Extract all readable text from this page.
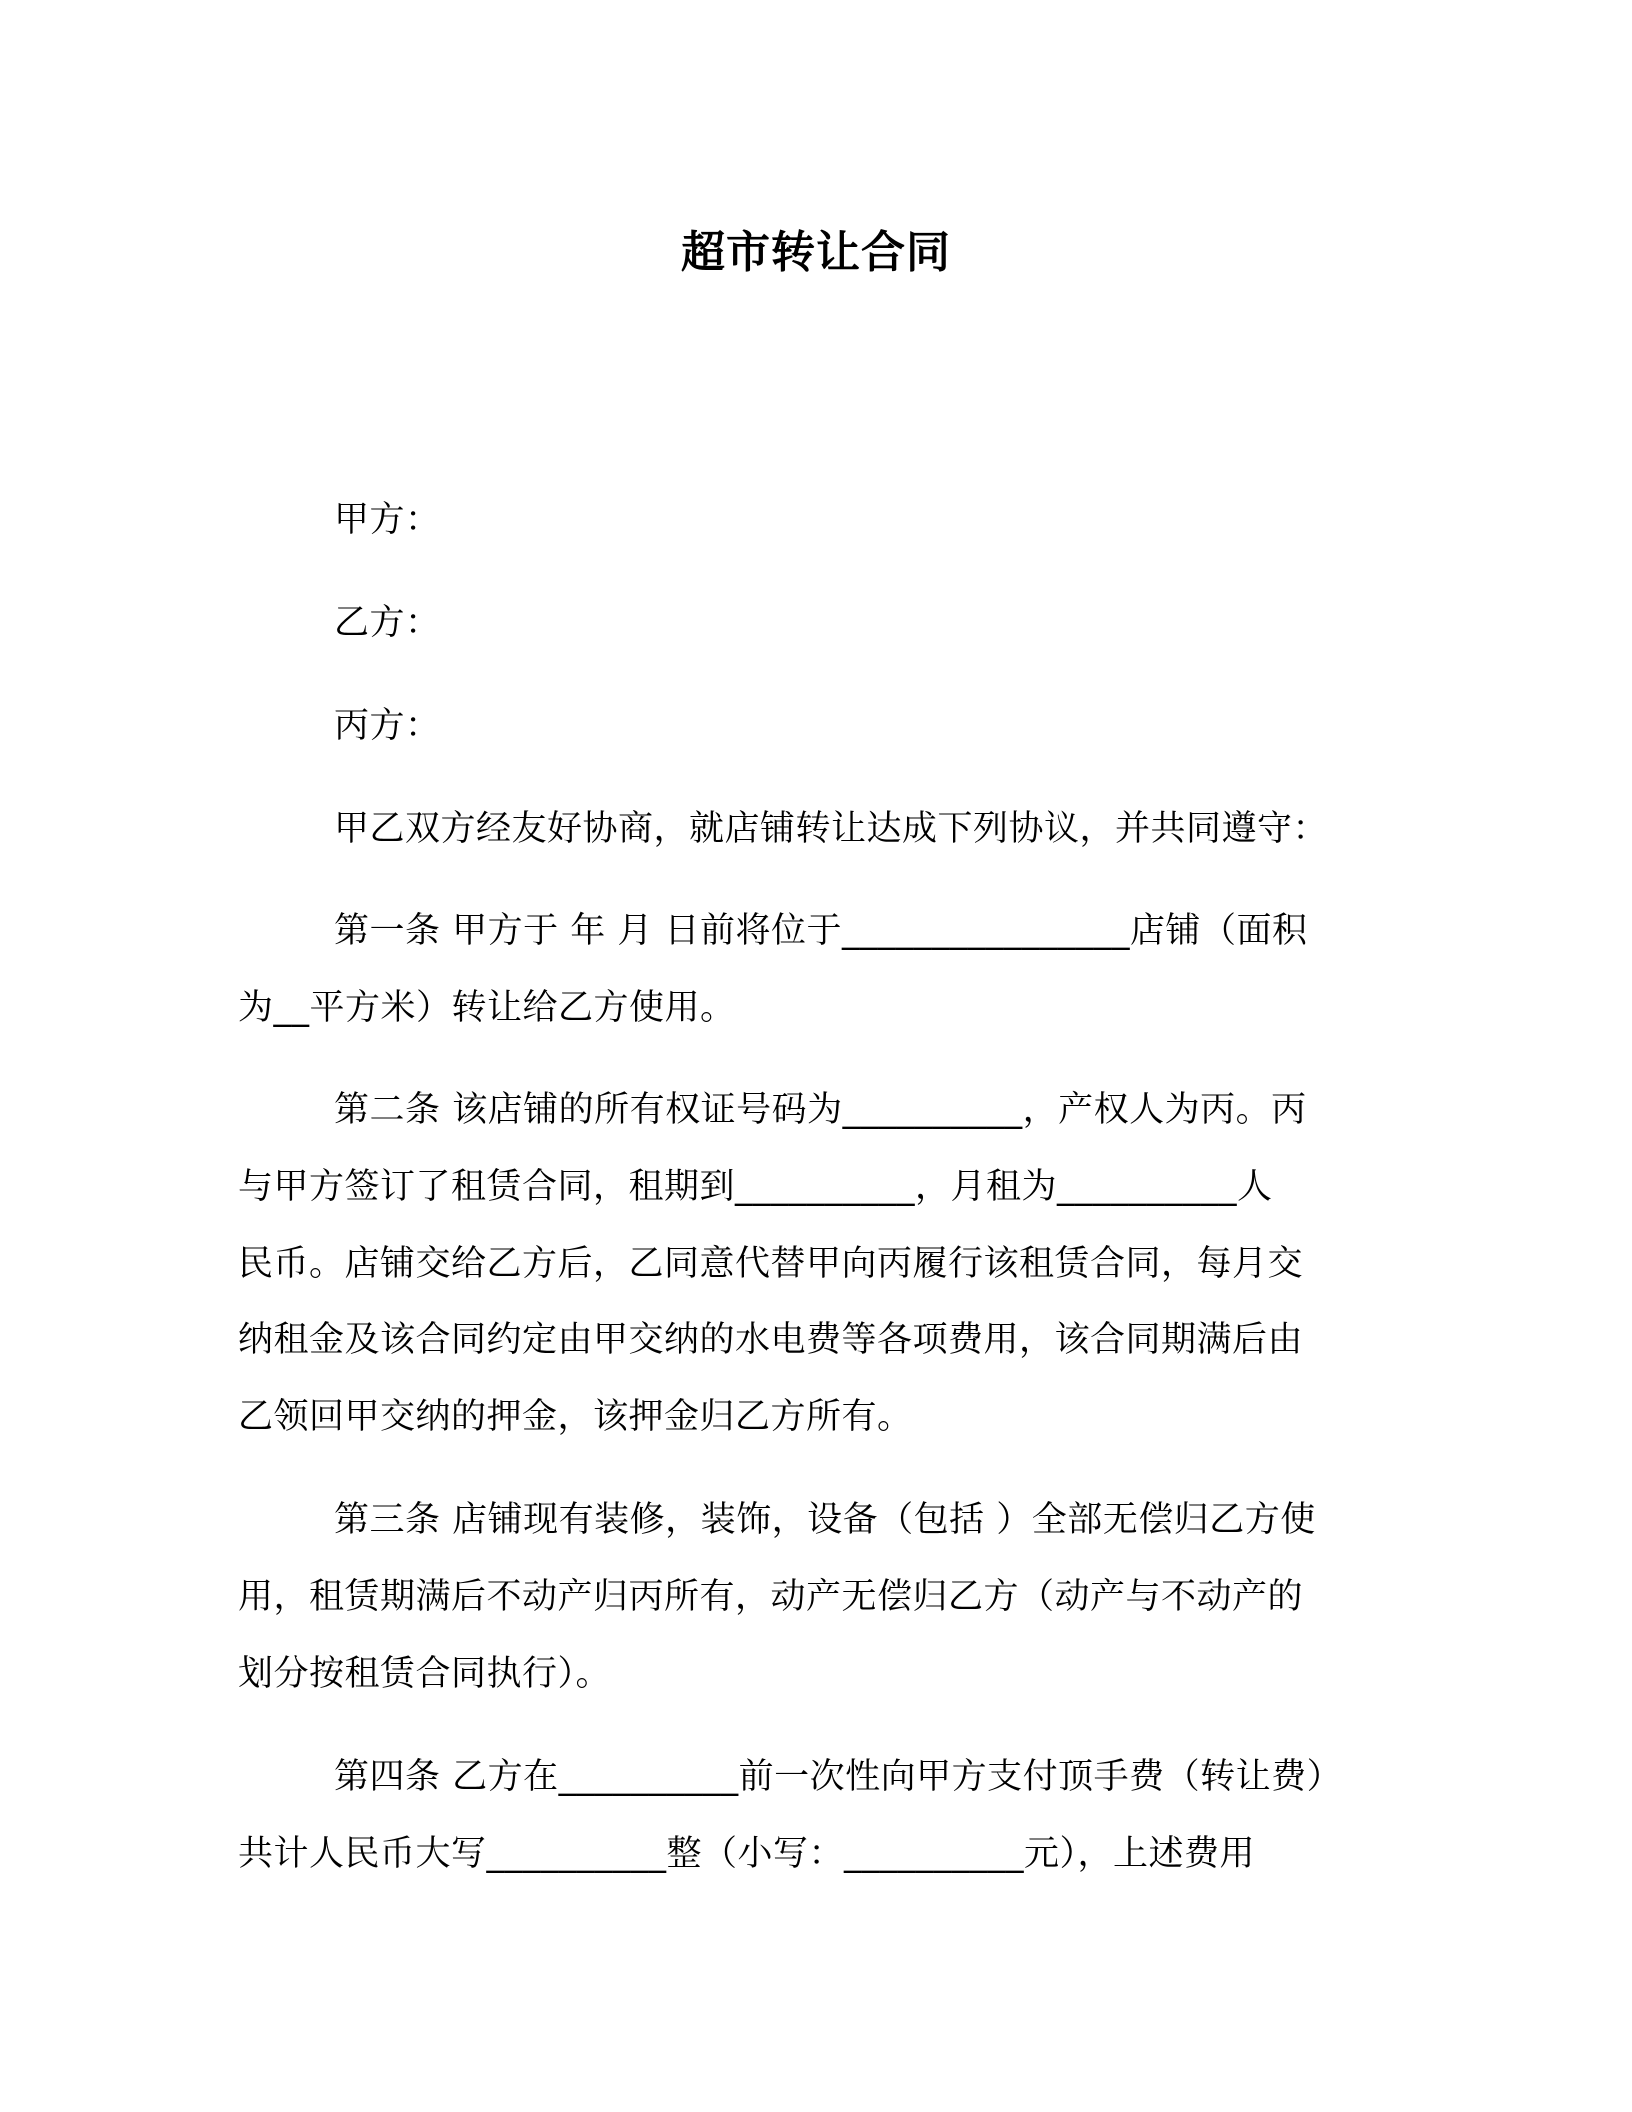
超市转让合同

甲方：

乙方：

丙方：

甲乙双方经友好协商，就店铺转让达成下列协议，并共同遵守：

第一条 甲方于 年 月 日前将位于________________店铺（面积

为__平方米）转让给乙方使用。

第二条 该店铺的所有权证号码为__________，产权人为丙。丙

与甲方签订了租赁合同，租期到__________，月租为__________人

民币。店铺交给乙方后，乙同意代替甲向丙履行该租赁合同，每月交

纳租金及该合同约定由甲交纳的水电费等各项费用，该合同期满后由

乙领回甲交纳的押金，该押金归乙方所有。

第三条 店铺现有装修，装饰，设备（包括 ）全部无偿归乙方使

用，租赁期满后不动产归丙所有，动产无偿归乙方（动产与不动产的

划分按租赁合同执行）。

第四条 乙方在__________前一次性向甲方支付顶手费（转让费）

共计人民币大写__________整（小写：__________元），上述费用
